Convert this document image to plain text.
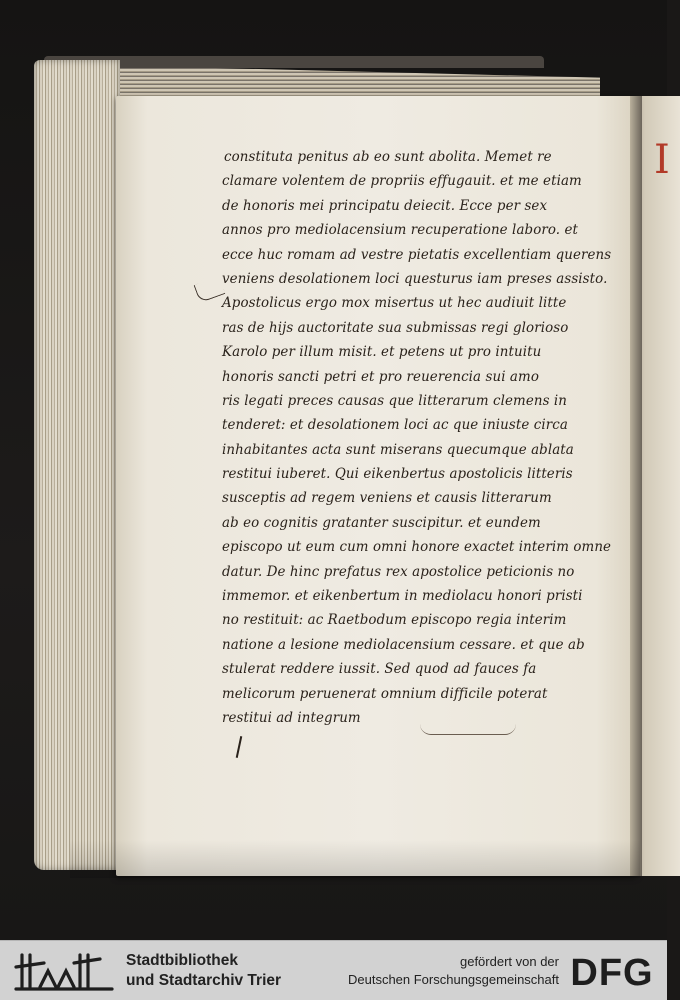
I
constituta penitus ab eo sunt abolita. Memet re
clamare volentem de propriis effugauit. et me etiam
de honoris mei principatu deiecit. Ecce per sex
annos pro mediolacensium recuperatione laboro. et
ecce huc romam ad vestre pietatis excellentiam querens
veniens desolationem loci questurus iam preses assisto.
Apostolicus ergo mox misertus ut hec audiuit litte
ras de hijs auctoritate sua submissas regi glorioso
Karolo per illum misit. et petens ut pro intuitu
honoris sancti petri et pro reuerencia sui amo
ris legati preces causas que litterarum clemens in
tenderet: et desolationem loci ac que iniuste circa
inhabitantes acta sunt miserans quecumque ablata
restitui iuberet. Qui eikenbertus apostolicis litteris
susceptis ad regem veniens et causis litterarum
ab eo cognitis gratanter suscipitur. et eundem
episcopo ut eum cum omni honore exactet interim omne
datur. De hinc prefatus rex apostolice peticionis no
immemor. et eikenbertum in mediolacu honori pristi
no restituit: ac Raetbodum episcopo regia interim
natione a lesione mediolacensium cessare. et que ab
stulerat reddere iussit. Sed quod ad fauces fa
melicorum peruenerat omnium difficile poterat
restitui ad integrum
Stadtbibliothek
und Stadtarchiv Trier
gefördert von der
Deutschen Forschungsgemeinschaft DFG
